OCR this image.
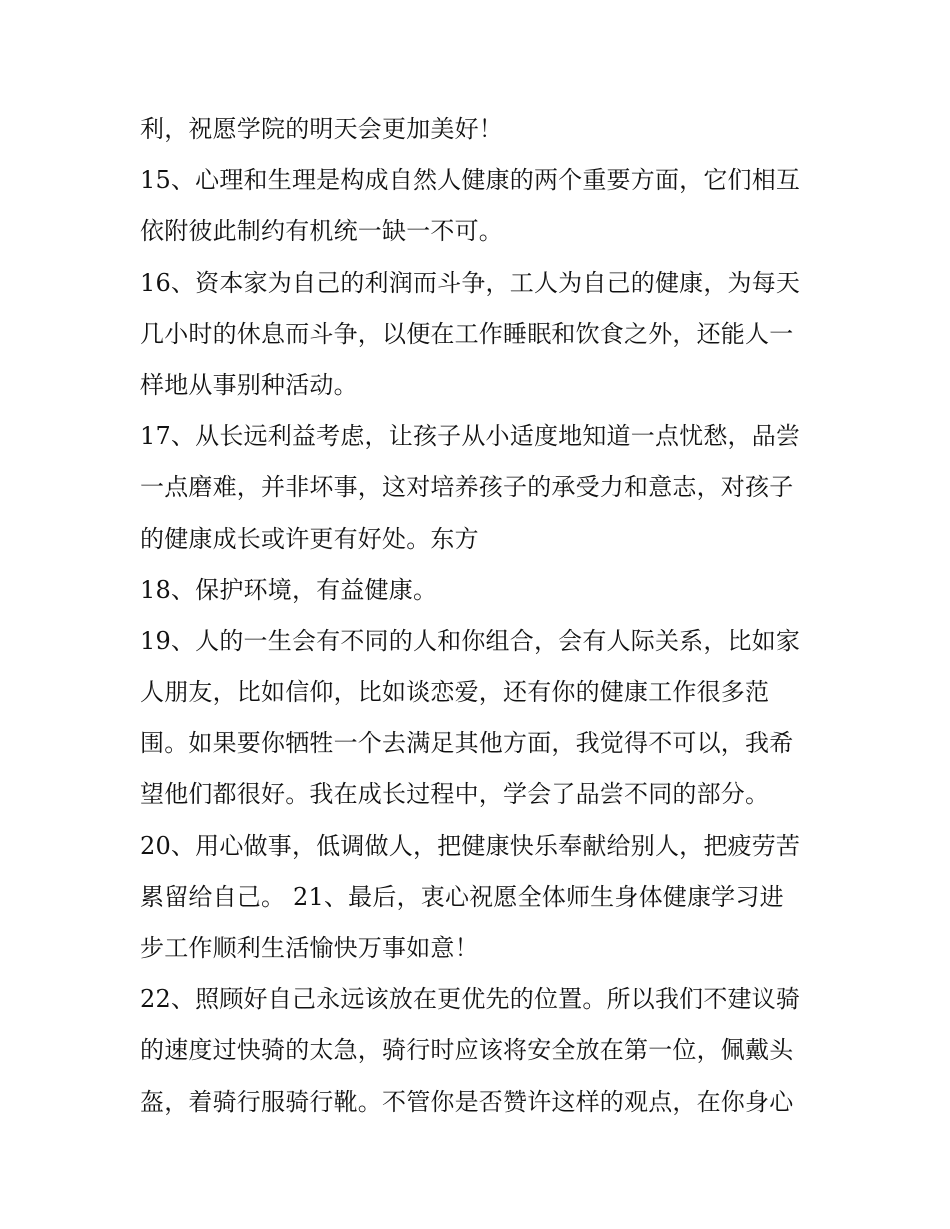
利，祝愿学院的明天会更加美好！
15、心理和生理是构成自然人健康的两个重要方面，它们相互
依附彼此制约有机统一缺一不可。
16、资本家为自己的利润而斗争，工人为自己的健康，为每天
几小时的休息而斗争，以便在工作睡眠和饮食之外，还能人一
样地从事别种活动。
17、从长远利益考虑，让孩子从小适度地知道一点忧愁，品尝
一点磨难，并非坏事，这对培养孩子的承受力和意志，对孩子
的健康成长或许更有好处。东方
18、保护环境，有益健康。
19、人的一生会有不同的人和你组合，会有人际关系，比如家
人朋友，比如信仰，比如谈恋爱，还有你的健康工作很多范
围。如果要你牺牲一个去满足其他方面，我觉得不可以，我希
望他们都很好。我在成长过程中，学会了品尝不同的部分。
20、用心做事，低调做人，把健康快乐奉献给别人，把疲劳苦
累留给自己。 21、最后，衷心祝愿全体师生身体健康学习进
步工作顺利生活愉快万事如意！
22、照顾好自己永远该放在更优先的位置。所以我们不建议骑
的速度过快骑的太急，骑行时应该将安全放在第一位，佩戴头
盔，着骑行服骑行靴。不管你是否赞许这样的观点，在你身心
